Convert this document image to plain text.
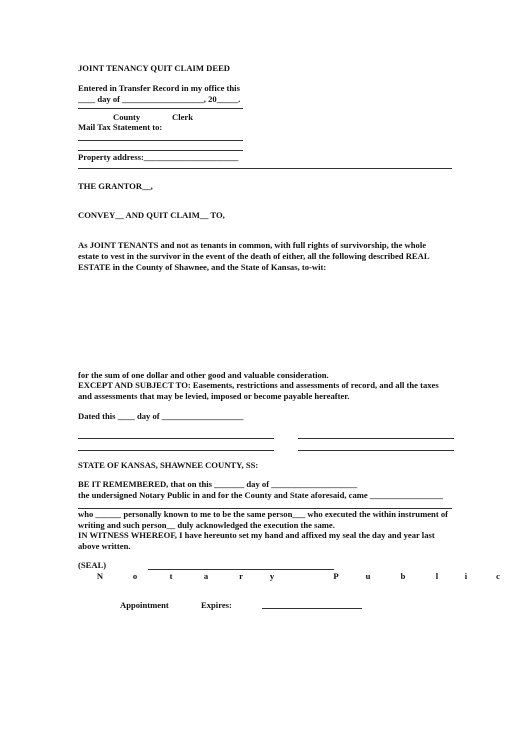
JOINT TENANCY QUIT CLAIM DEED
Entered in Transfer Record in my office this
____ day of ___________________, 20_____.
County	Clerk
Mail Tax Statement to:
Property address:______________________
THE GRANTOR__,
CONVEY__ AND QUIT CLAIM__ TO,
As JOINT TENANTS and not as tenants in common, with full rights of survivorship, the whole
estate to vest in the survivor in the event of the death of either, all the following described REAL
ESTATE in the County of Shawnee, and the State of Kansas, to-wit:
for the sum of one dollar and other good and valuable consideration.
EXCEPT AND SUBJECT TO: Easements, restrictions and assessments of record, and all the taxes
and assessments that may be levied, imposed or become payable hereafter.
Dated this ____ day of ___________________
STATE OF KANSAS, SHAWNEE COUNTY, SS:
BE IT REMEMBERED, that on this _______ day of ____________________
the undersigned Notary Public in and for the County and State aforesaid, came _________________
who ______ personally known to me to be the same person___ who executed the within instrument of
writing and such person__ duly acknowledged the execution the same.
IN WITNESS WHEREOF, I have hereunto set my hand and affixed my seal the day and year last
above written.
(SEAL)
N	o	t	a	r	y	P	u	b	l	i	c
Appointment	Expires:
